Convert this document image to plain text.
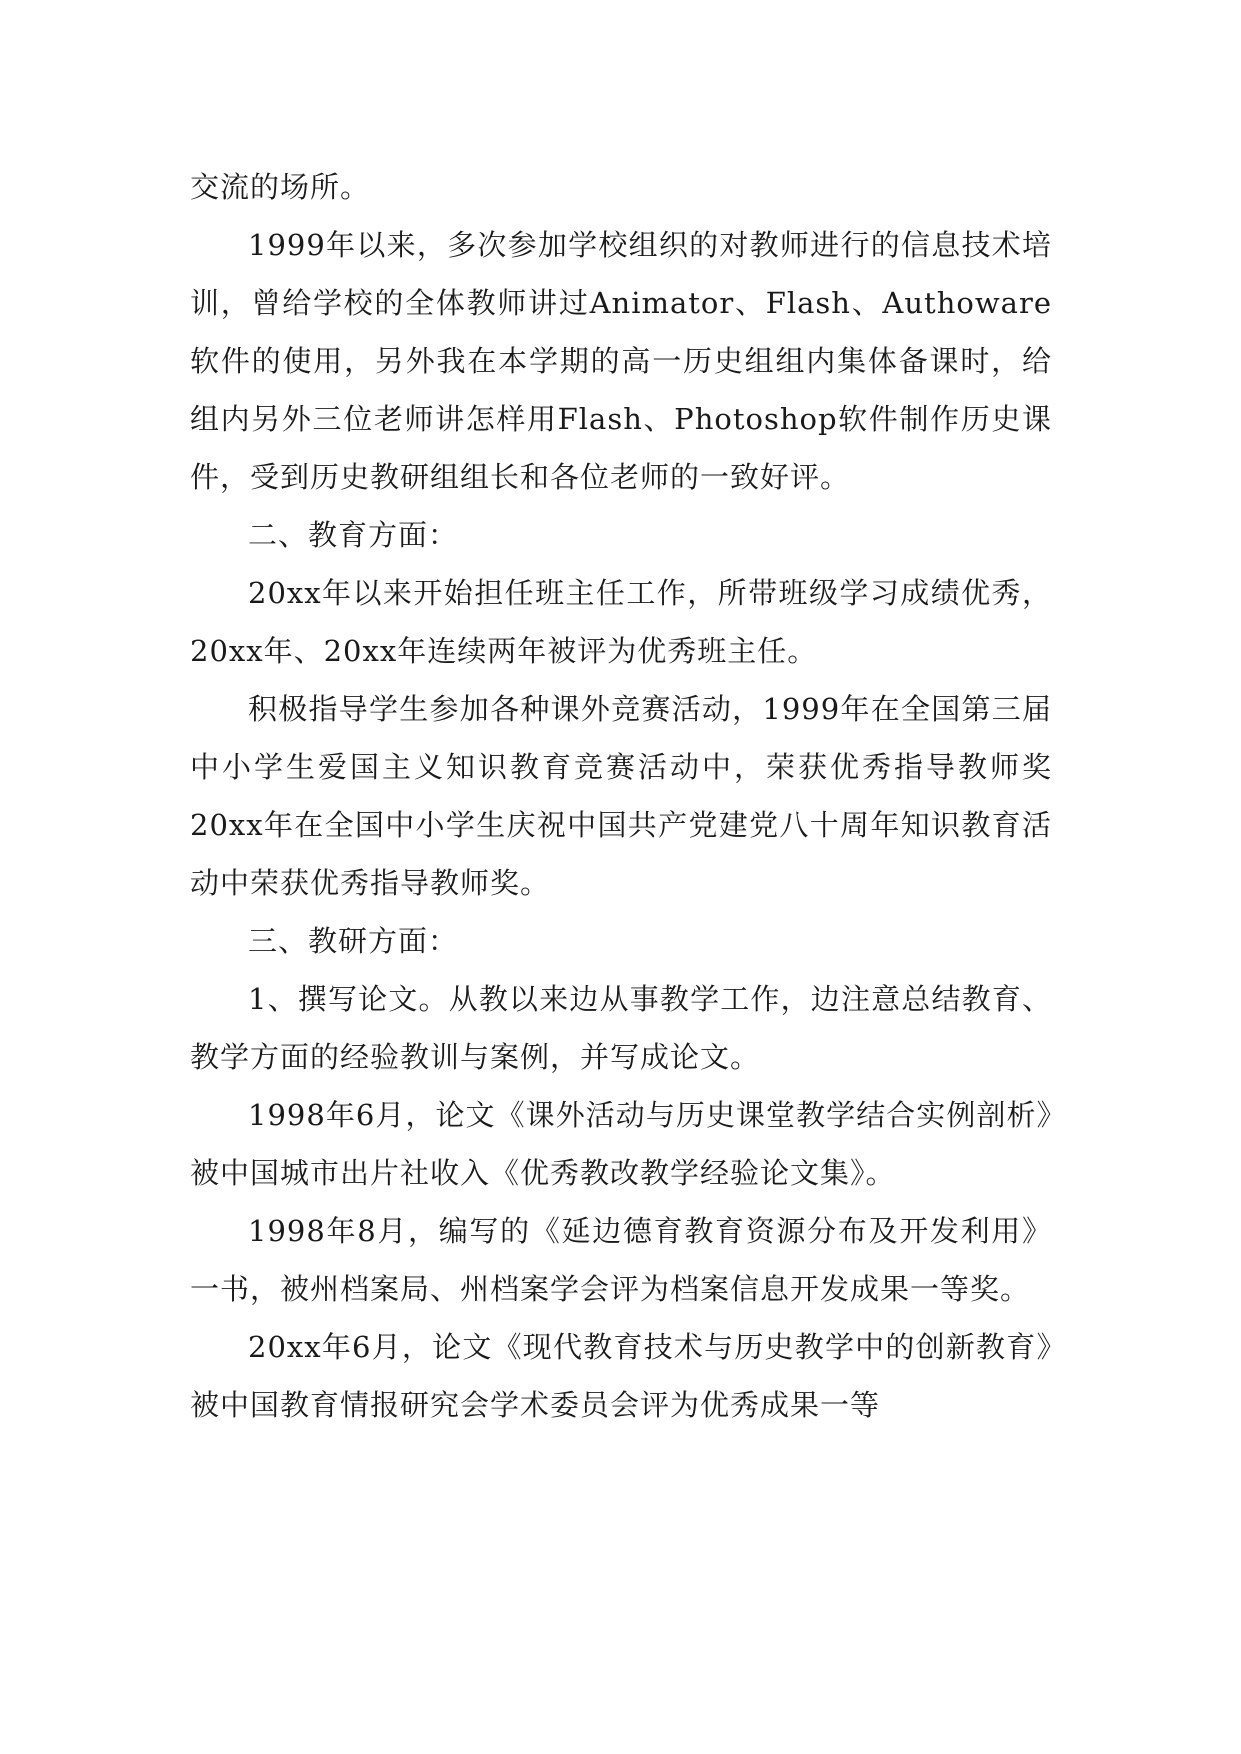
交流的场所。

1999年以来，多次参加学校组织的对教师进行的信息技术培训，曾给学校的全体教师讲过Animator、Flash、Authoware软件的使用，另外我在本学期的高一历史组组内集体备课时，给组内另外三位老师讲怎样用Flash、Photoshop软件制作历史课件，受到历史教研组组长和各位老师的一致好评。

二、教育方面：

20xx年以来开始担任班主任工作，所带班级学习成绩优秀，20xx年、20xx年连续两年被评为优秀班主任。

积极指导学生参加各种课外竞赛活动，1999年在全国第三届中小学生爱国主义知识教育竞赛活动中，荣获优秀指导教师奖20xx年在全国中小学生庆祝中国共产党建党八十周年知识教育活动中荣获优秀指导教师奖。

三、教研方面：

1、撰写论文。从教以来边从事教学工作，边注意总结教育、教学方面的经验教训与案例，并写成论文。

1998年6月，论文《课外活动与历史课堂教学结合实例剖析》被中国城市出片社收入《优秀教改教学经验论文集》。

1998年8月，编写的《延边德育教育资源分布及开发利用》一书，被州档案局、州档案学会评为档案信息开发成果一等奖。

20xx年6月，论文《现代教育技术与历史教学中的创新教育》被中国教育情报研究会学术委员会评为优秀成果一等
